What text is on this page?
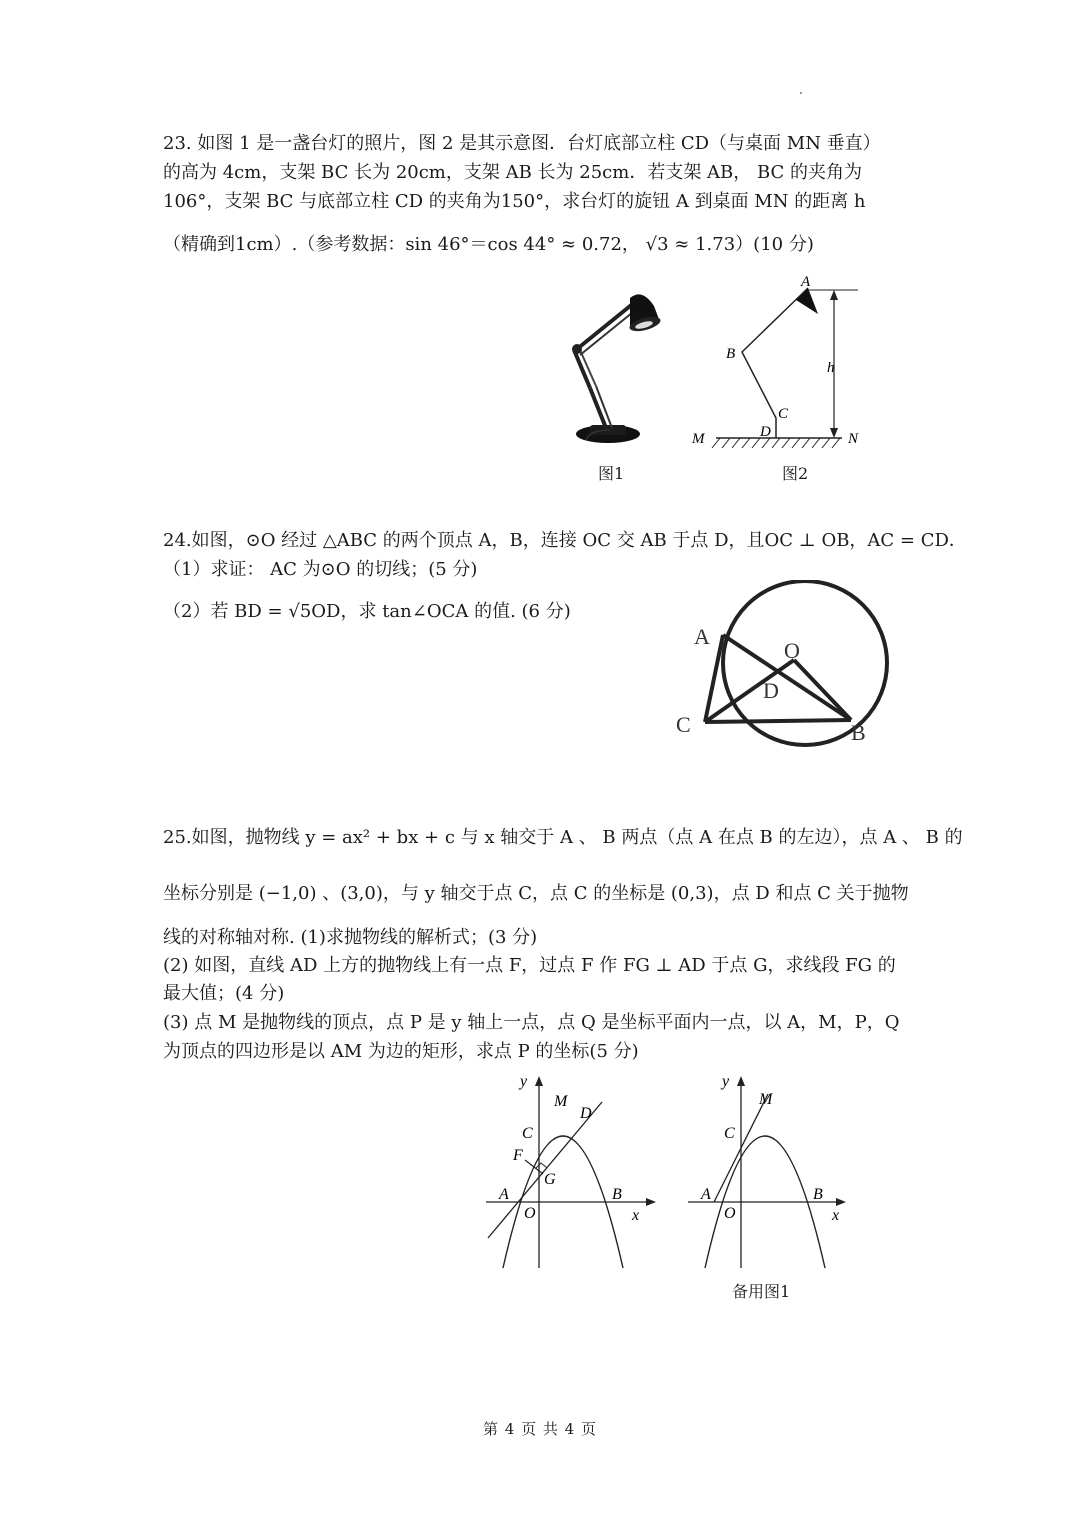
23. 如图 1 是一盏台灯的照片，图 2 是其示意图．台灯底部立柱 CD（与桌面 MN 垂直）
的高为 4cm，支架 BC 长为 20cm，支架 AB 长为 25cm．若支架 AB， BC 的夹角为
106°，支架 BC 与底部立柱 CD 的夹角为150°，求台灯的旋钮 A 到桌面 MN 的距离 h
（精确到1cm）.（参考数据：sin 46°＝cos 44° ≈ 0.72， √3 ≈ 1.73）(10 分)
图1
A
B
C
D
M	N
h
图2
24.如图，⊙O 经过 △ABC 的两个顶点 A，B，连接 OC 交 AB 于点 D，且OC ⊥ OB，AC = CD．
（1）求证： AC 为⊙O 的切线；(5 分)
（2）若 BD = √5OD，求 tan∠OCA 的值. (6 分)
A
O
D
C	B
25.如图，抛物线 y = ax² + bx + c 与 x 轴交于 A 、 B 两点（点 A 在点 B 的左边），点 A 、 B 的
坐标分别是 (−1,0) 、(3,0)，与 y 轴交于点 C，点 C 的坐标是 (0,3)，点 D 和点 C 关于抛物
线的对称轴对称. (1)求抛物线的解析式；(3 分)
(2) 如图，直线 AD 上方的抛物线上有一点 F，过点 F 作 FG ⊥ AD 于点 G，求线段 FG 的
最大值；(4 分)
(3) 点 M 是抛物线的顶点，点 P 是 y 轴上一点，点 Q 是坐标平面内一点，以 A，M，P，Q
为顶点的四边形是以 AM 为边的矩形，求点 P 的坐标(5 分)
y
x
M
D
C
F
G
A
O
B
y
x
M
C
A
O
B
备用图1
第 4 页 共 4 页
